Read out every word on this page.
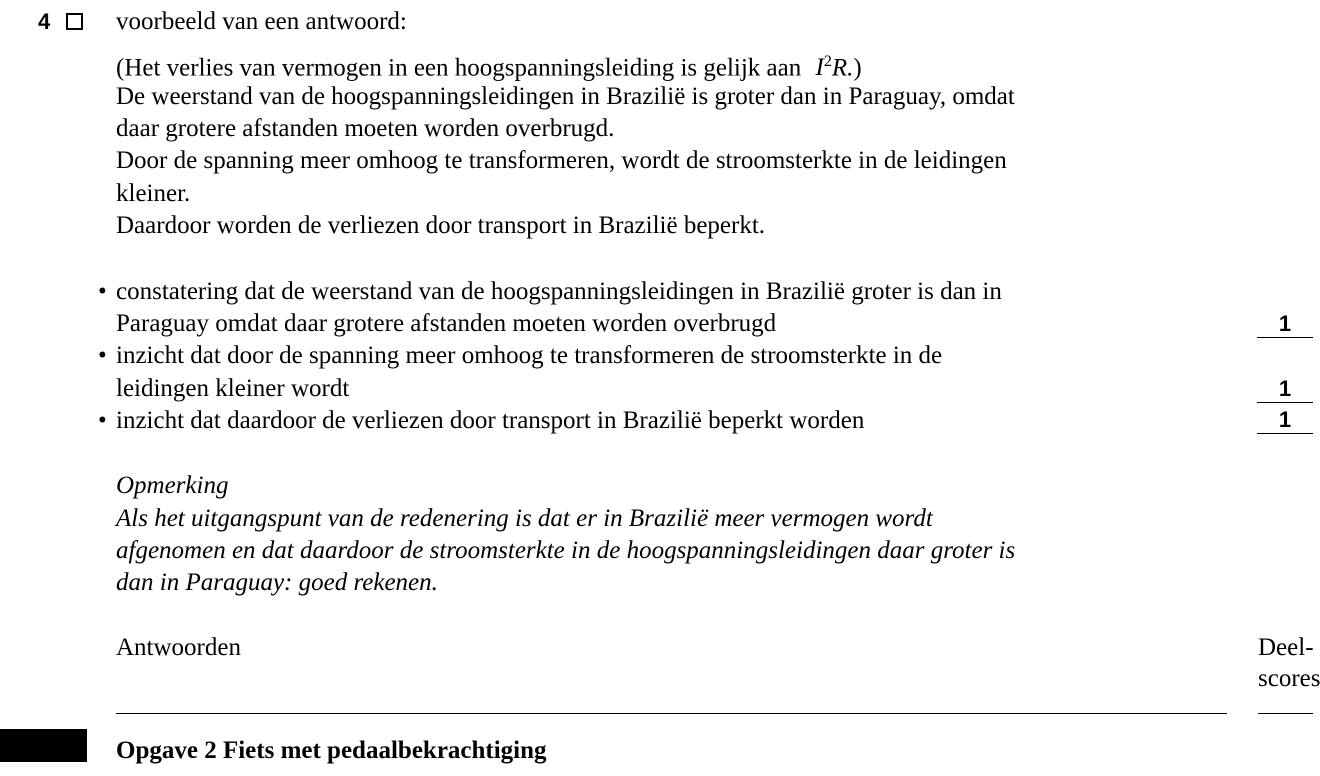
4	voorbeeld van een antwoord:
(Het verlies van vermogen in een hoogspanningsleiding is gelijk aan $I^2R$.)
De weerstand van de hoogspanningsleidingen in Brazilië is groter dan in Paraguay, omdat
daar grotere afstanden moeten worden overbrugd.
Door de spanning meer omhoog te transformeren, wordt de stroomsterkte in de leidingen
kleiner.
Daardoor worden de verliezen door transport in Brazilië beperkt.
• constatering dat de weerstand van de hoogspanningsleidingen in Brazilië groter is dan in
Paraguay omdat daar grotere afstanden moeten worden overbrugd	1
• inzicht dat door de spanning meer omhoog te transformeren de stroomsterkte in de
leidingen kleiner wordt	1
• inzicht dat daardoor de verliezen door transport in Brazilië beperkt worden	1
Opmerking
Als het uitgangspunt van de redenering is dat er in Brazilië meer vermogen wordt
afgenomen en dat daardoor de stroomsterkte in de hoogspanningsleidingen daar groter is
dan in Paraguay: goed rekenen.
Antwoorden	Deel-
scores
Opgave 2 Fiets met pedaalbekrachtiging
